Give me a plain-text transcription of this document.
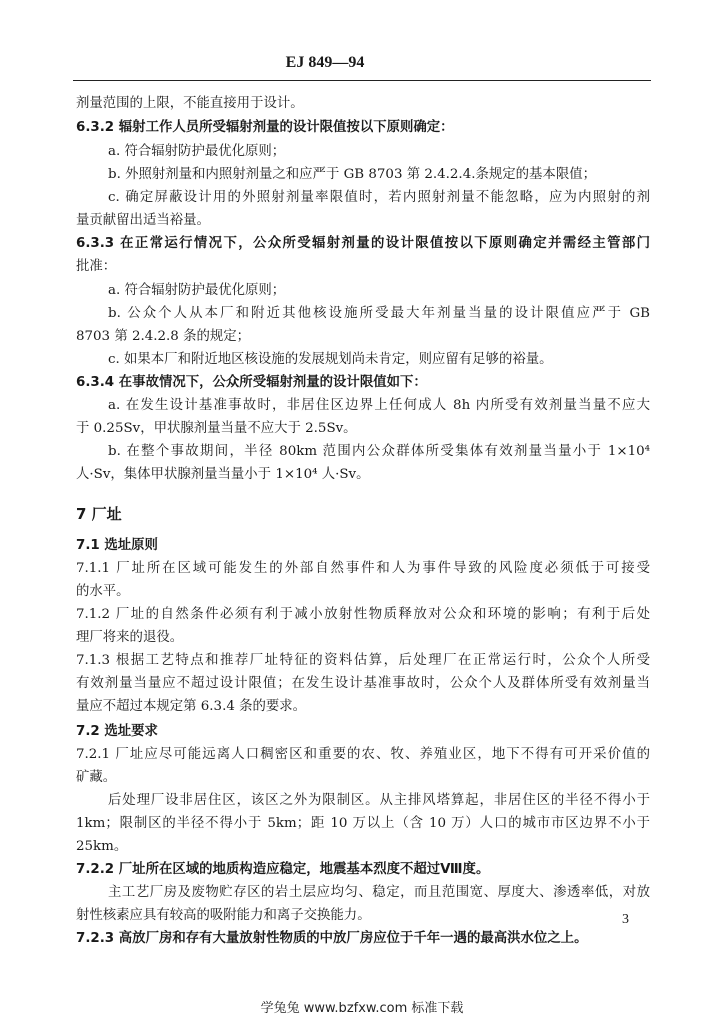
EJ 849—94
剂量范围的上限，不能直接用于设计。
6.3.2 辐射工作人员所受辐射剂量的设计限值按以下原则确定：
a. 符合辐射防护最优化原则；
b. 外照射剂量和内照射剂量之和应严于 GB 8703 第 2.4.2.4.条规定的基本限值；
c. 确定屏蔽设计用的外照射剂量率限值时，若内照射剂量不能忽略，应为内照射的剂
量贡献留出适当裕量。
6.3.3 在正常运行情况下，公众所受辐射剂量的设计限值按以下原则确定并需经主管部门
批准：
a. 符合辐射防护最优化原则；
b. 公众个人从本厂和附近其他核设施所受最大年剂量当量的设计限值应严于 GB
8703 第 2.4.2.8 条的规定；
c. 如果本厂和附近地区核设施的发展规划尚未肯定，则应留有足够的裕量。
6.3.4 在事故情况下，公众所受辐射剂量的设计限值如下：
a. 在发生设计基准事故时，非居住区边界上任何成人 8h 内所受有效剂量当量不应大
于 0.25Sv，甲状腺剂量当量不应大于 2.5Sv。
b. 在整个事故期间，半径 80km 范围内公众群体所受集体有效剂量当量小于 1×10⁴
人·Sv，集体甲状腺剂量当量小于 1×10⁴ 人·Sv。
7 厂址
7.1 选址原则
7.1.1 厂址所在区域可能发生的外部自然事件和人为事件导致的风险度必须低于可接受
的水平。
7.1.2 厂址的自然条件必须有利于减小放射性物质释放对公众和环境的影响；有利于后处
理厂将来的退役。
7.1.3 根据工艺特点和推荐厂址特征的资料估算，后处理厂在正常运行时，公众个人所受
有效剂量当量应不超过设计限值；在发生设计基准事故时，公众个人及群体所受有效剂量当
量应不超过本规定第 6.3.4 条的要求。
7.2 选址要求
7.2.1 厂址应尽可能远离人口稠密区和重要的农、牧、养殖业区，地下不得有可开采价值的
矿藏。
后处理厂设非居住区，该区之外为限制区。从主排风塔算起，非居住区的半径不得小于
1km；限制区的半径不得小于 5km；距 10 万以上（含 10 万）人口的城市市区边界不小于
25km。
7.2.2 厂址所在区域的地质构造应稳定，地震基本烈度不超过Ⅷ度。
主工艺厂房及废物贮存区的岩土层应均匀、稳定，而且范围宽、厚度大、渗透率低，对放
射性核素应具有较高的吸附能力和离子交换能力。
7.2.3 高放厂房和存有大量放射性物质的中放厂房应位于千年一遇的最高洪水位之上。
3
学兔兔 www.bzfxw.com 标准下载
